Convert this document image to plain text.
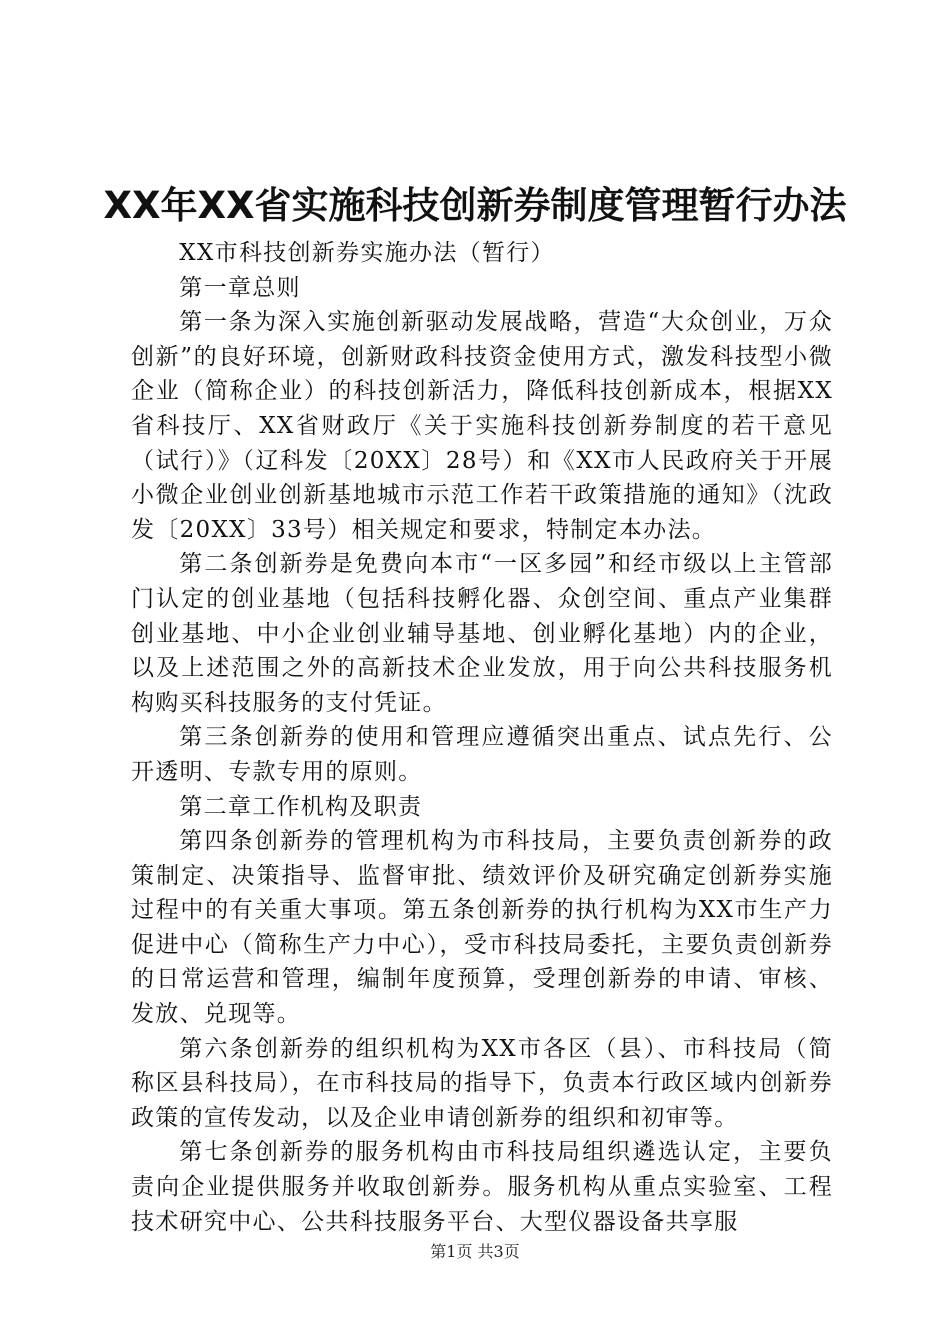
XX年XX省实施科技创新券制度管理暂行办法

XX市科技创新券实施办法（暂行）

第一章总则

第一条为深入实施创新驱动发展战略，营造“大众创业，万众创新”的良好环境，创新财政科技资金使用方式，激发科技型小微企业（简称企业）的科技创新活力，降低科技创新成本，根据XX省科技厅、XX省财政厅《关于实施科技创新券制度的若干意见（试行）》（辽科发〔20XX〕28号）和《XX市人民政府关于开展小微企业创业创新基地城市示范工作若干政策措施的通知》（沈政发〔20XX〕33号）相关规定和要求，特制定本办法。

第二条创新券是免费向本市“一区多园”和经市级以上主管部门认定的创业基地（包括科技孵化器、众创空间、重点产业集群创业基地、中小企业创业辅导基地、创业孵化基地）内的企业，以及上述范围之外的高新技术企业发放，用于向公共科技服务机构购买科技服务的支付凭证。

第三条创新券的使用和管理应遵循突出重点、试点先行、公开透明、专款专用的原则。

第二章工作机构及职责

第四条创新券的管理机构为市科技局，主要负责创新券的政策制定、决策指导、监督审批、绩效评价及研究确定创新券实施过程中的有关重大事项。第五条创新券的执行机构为XX市生产力促进中心（简称生产力中心），受市科技局委托，主要负责创新券的日常运营和管理，编制年度预算，受理创新券的申请、审核、发放、兑现等。

第六条创新券的组织机构为XX市各区（县）、市科技局（简称区县科技局），在市科技局的指导下，负责本行政区域内创新券政策的宣传发动，以及企业申请创新券的组织和初审等。

第七条创新券的服务机构由市科技局组织遴选认定，主要负责向企业提供服务并收取创新券。服务机构从重点实验室、工程技术研究中心、公共科技服务平台、大型仪器设备共享服

第1页 共3页
